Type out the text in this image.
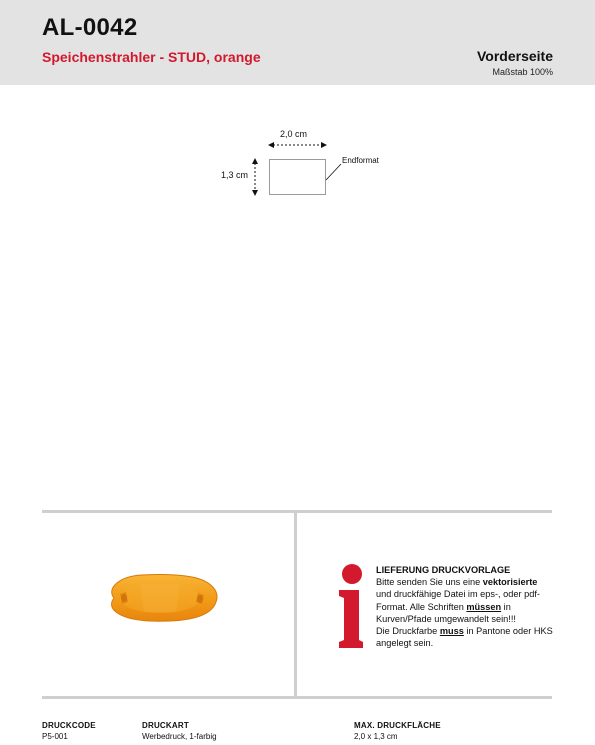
AL-0042
Speichenstrahler - STUD, orange	Vorderseite
Maßstab 100%
2,0 cm
1,3 cm
Endformat
LIEFERUNG DRUCKVORLAGE
Bitte senden Sie uns eine vektorisierte
und druckfähige Datei im eps-, oder pdf-Format. Alle Schriften müssen in Kurven/Pfade umgewandelt sein!!!
Die Druckfarbe muss in Pantone oder HKS angelegt sein.
DRUCKCODE
P5-001
DRUCKART
Werbedruck, 1-farbig
MAX. DRUCKFLÄCHE
2,0 x 1,3 cm
